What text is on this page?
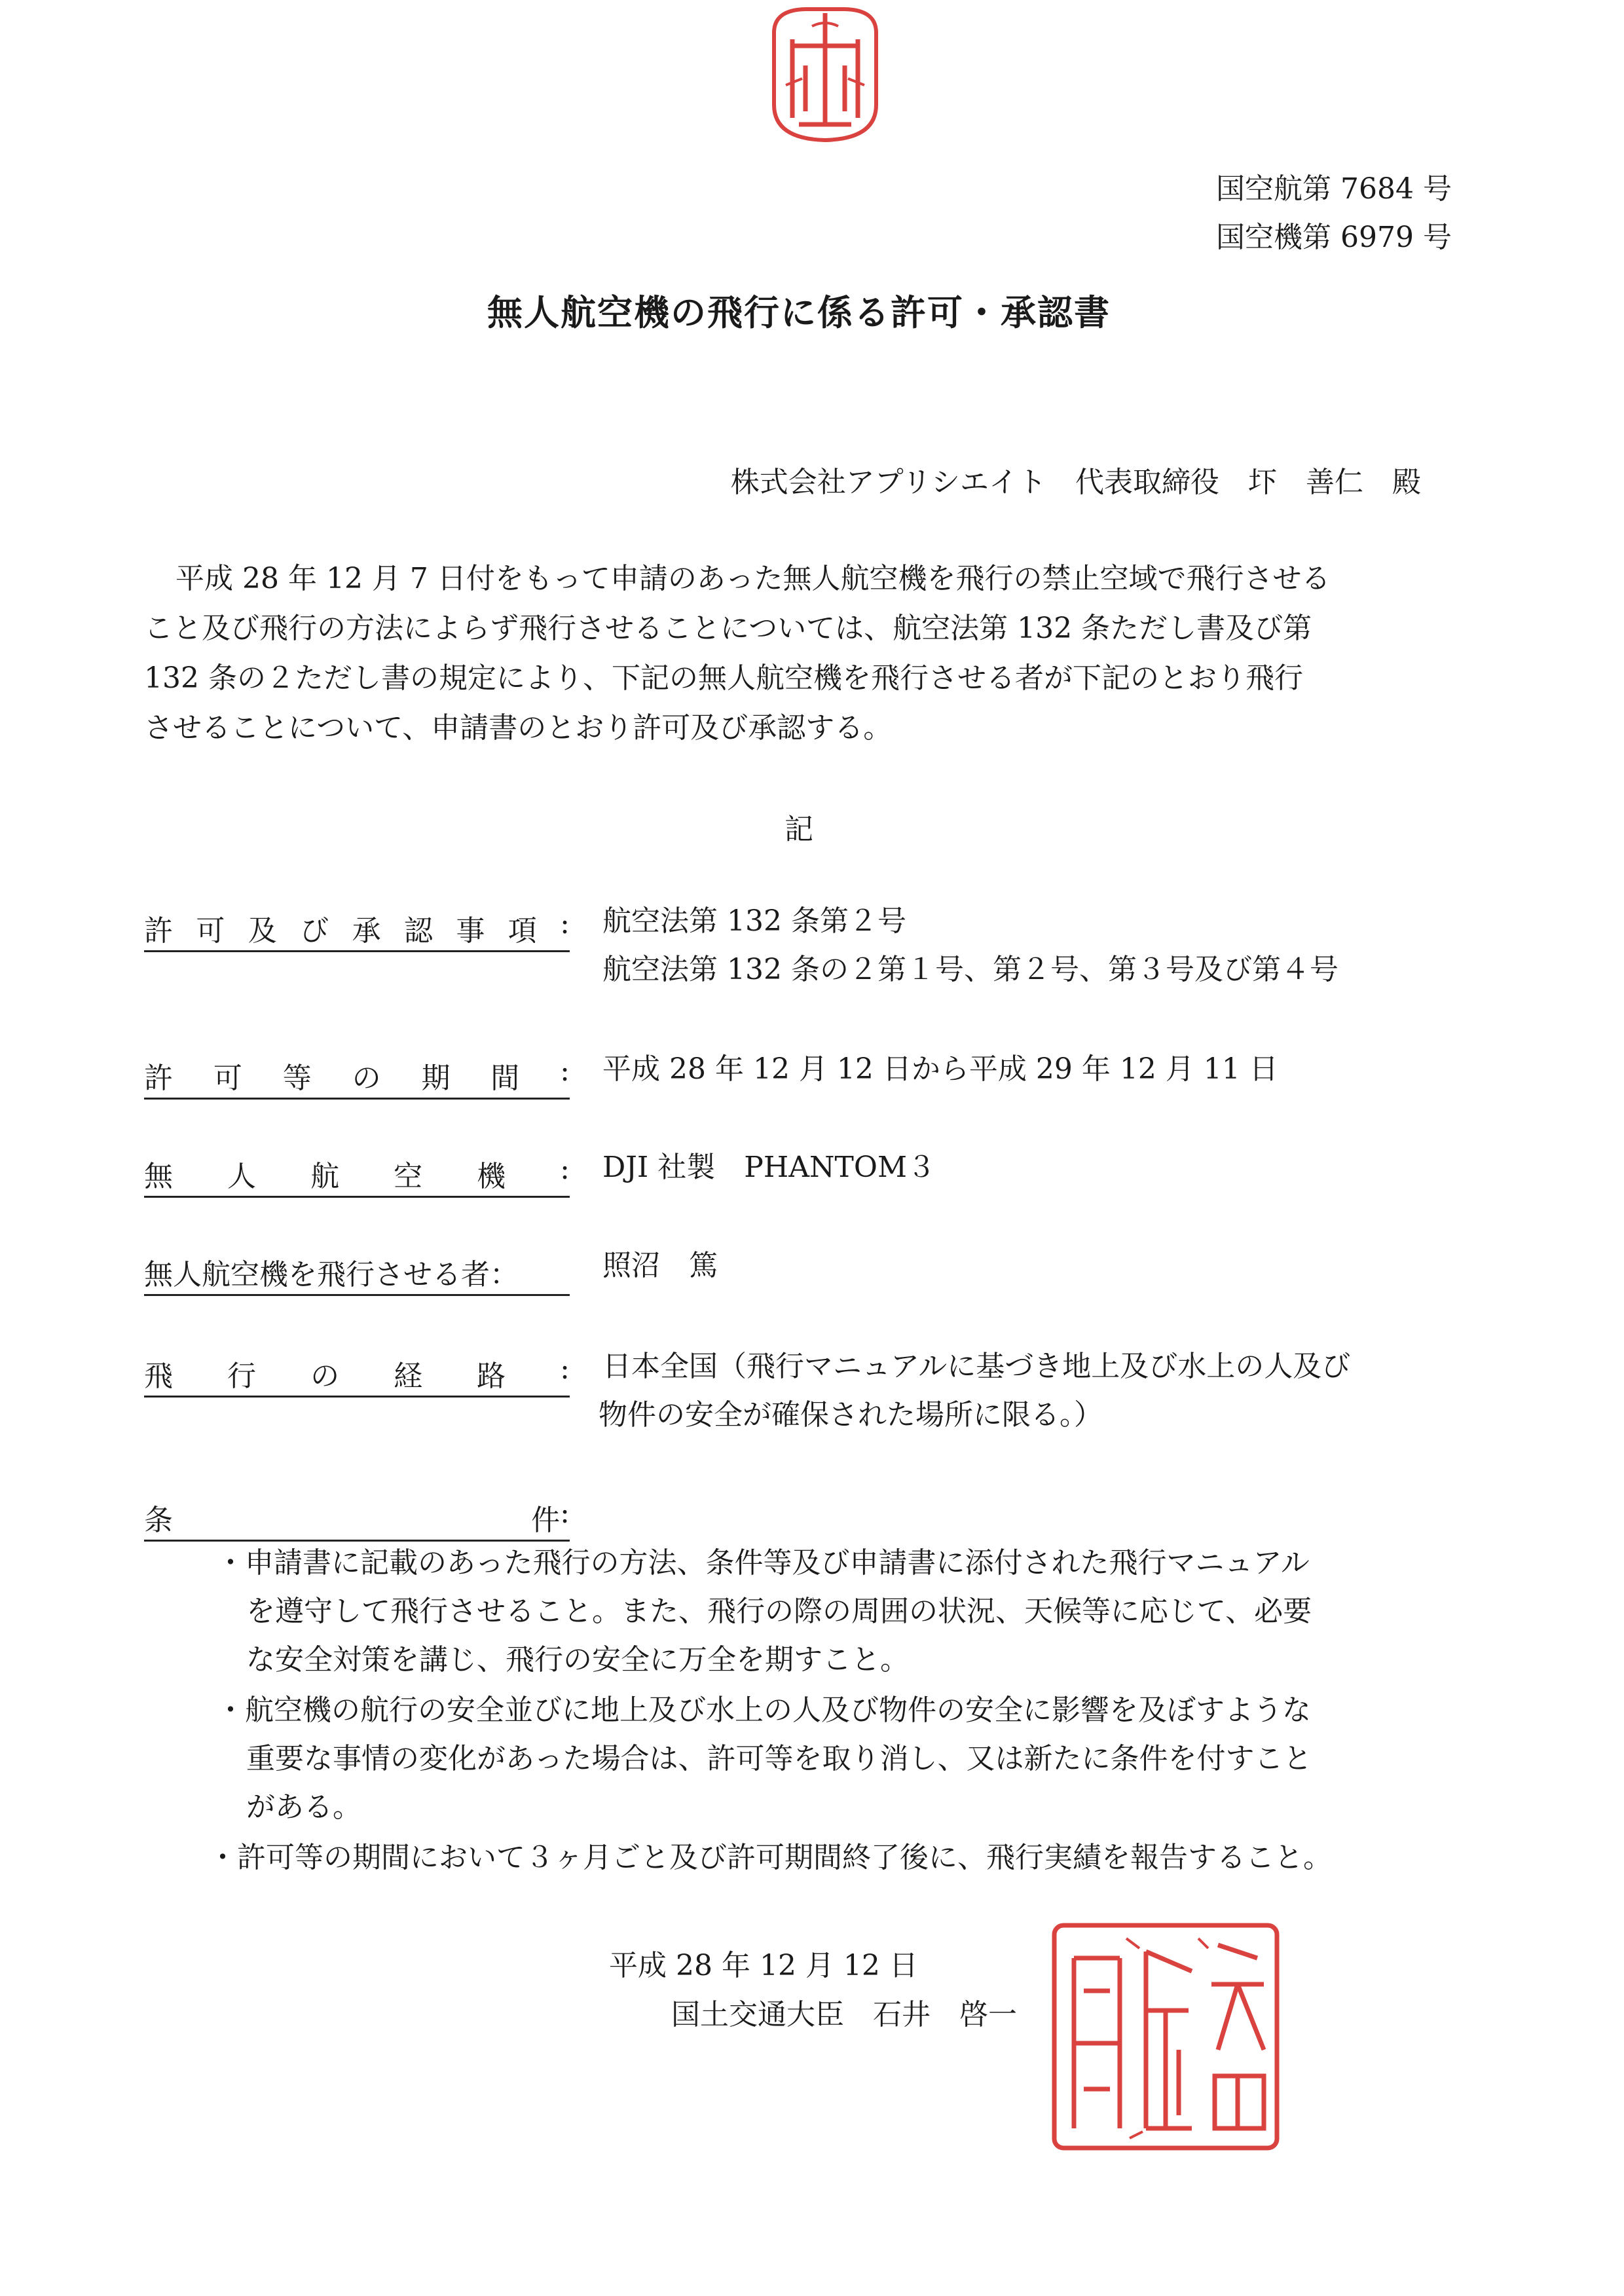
国空航第 7684 号
国空機第 6979 号
無人航空機の飛行に係る許可・承認書
株式会社アプリシエイト　代表取締役　圷　善仁　殿
平成 28 年 12 月 7 日付をもって申請のあった無人航空機を飛行の禁止空域で飛行させる
こと及び飛行の方法によらず飛行させることについては、航空法第 132 条ただし書及び第
132 条の２ただし書の規定により、下記の無人航空機を飛行させる者が下記のとおり飛行
させることについて、申請書のとおり許可及び承認する。
記
許 可 及 び 承 認 事 項 : 航空法第 132 条第２号
航空法第 132 条の２第１号、第２号、第３号及び第４号
許 可 等 の 期 間 : 平成 28 年 12 月 12 日から平成 29 年 12 月 11 日
無 人 航 空 機 : DJI 社製　PHANTOM３
無人航空機を飛行させる者：	照沼　篤
飛 行 の 経 路 : 日本全国（飛行マニュアルに基づき地上及び水上の人及び
物件の安全が確保された場所に限る。）
条	件 :
・申請書に記載のあった飛行の方法、条件等及び申請書に添付された飛行マニュアル
を遵守して飛行させること。また、飛行の際の周囲の状況、天候等に応じて、必要
な安全対策を講じ、飛行の安全に万全を期すこと。
・航空機の航行の安全並びに地上及び水上の人及び物件の安全に影響を及ぼすような
重要な事情の変化があった場合は、許可等を取り消し、又は新たに条件を付すこと
がある。
・許可等の期間において３ヶ月ごと及び許可期間終了後に、飛行実績を報告すること。
平成 28 年 12 月 12 日
国土交通大臣　石井　啓一
